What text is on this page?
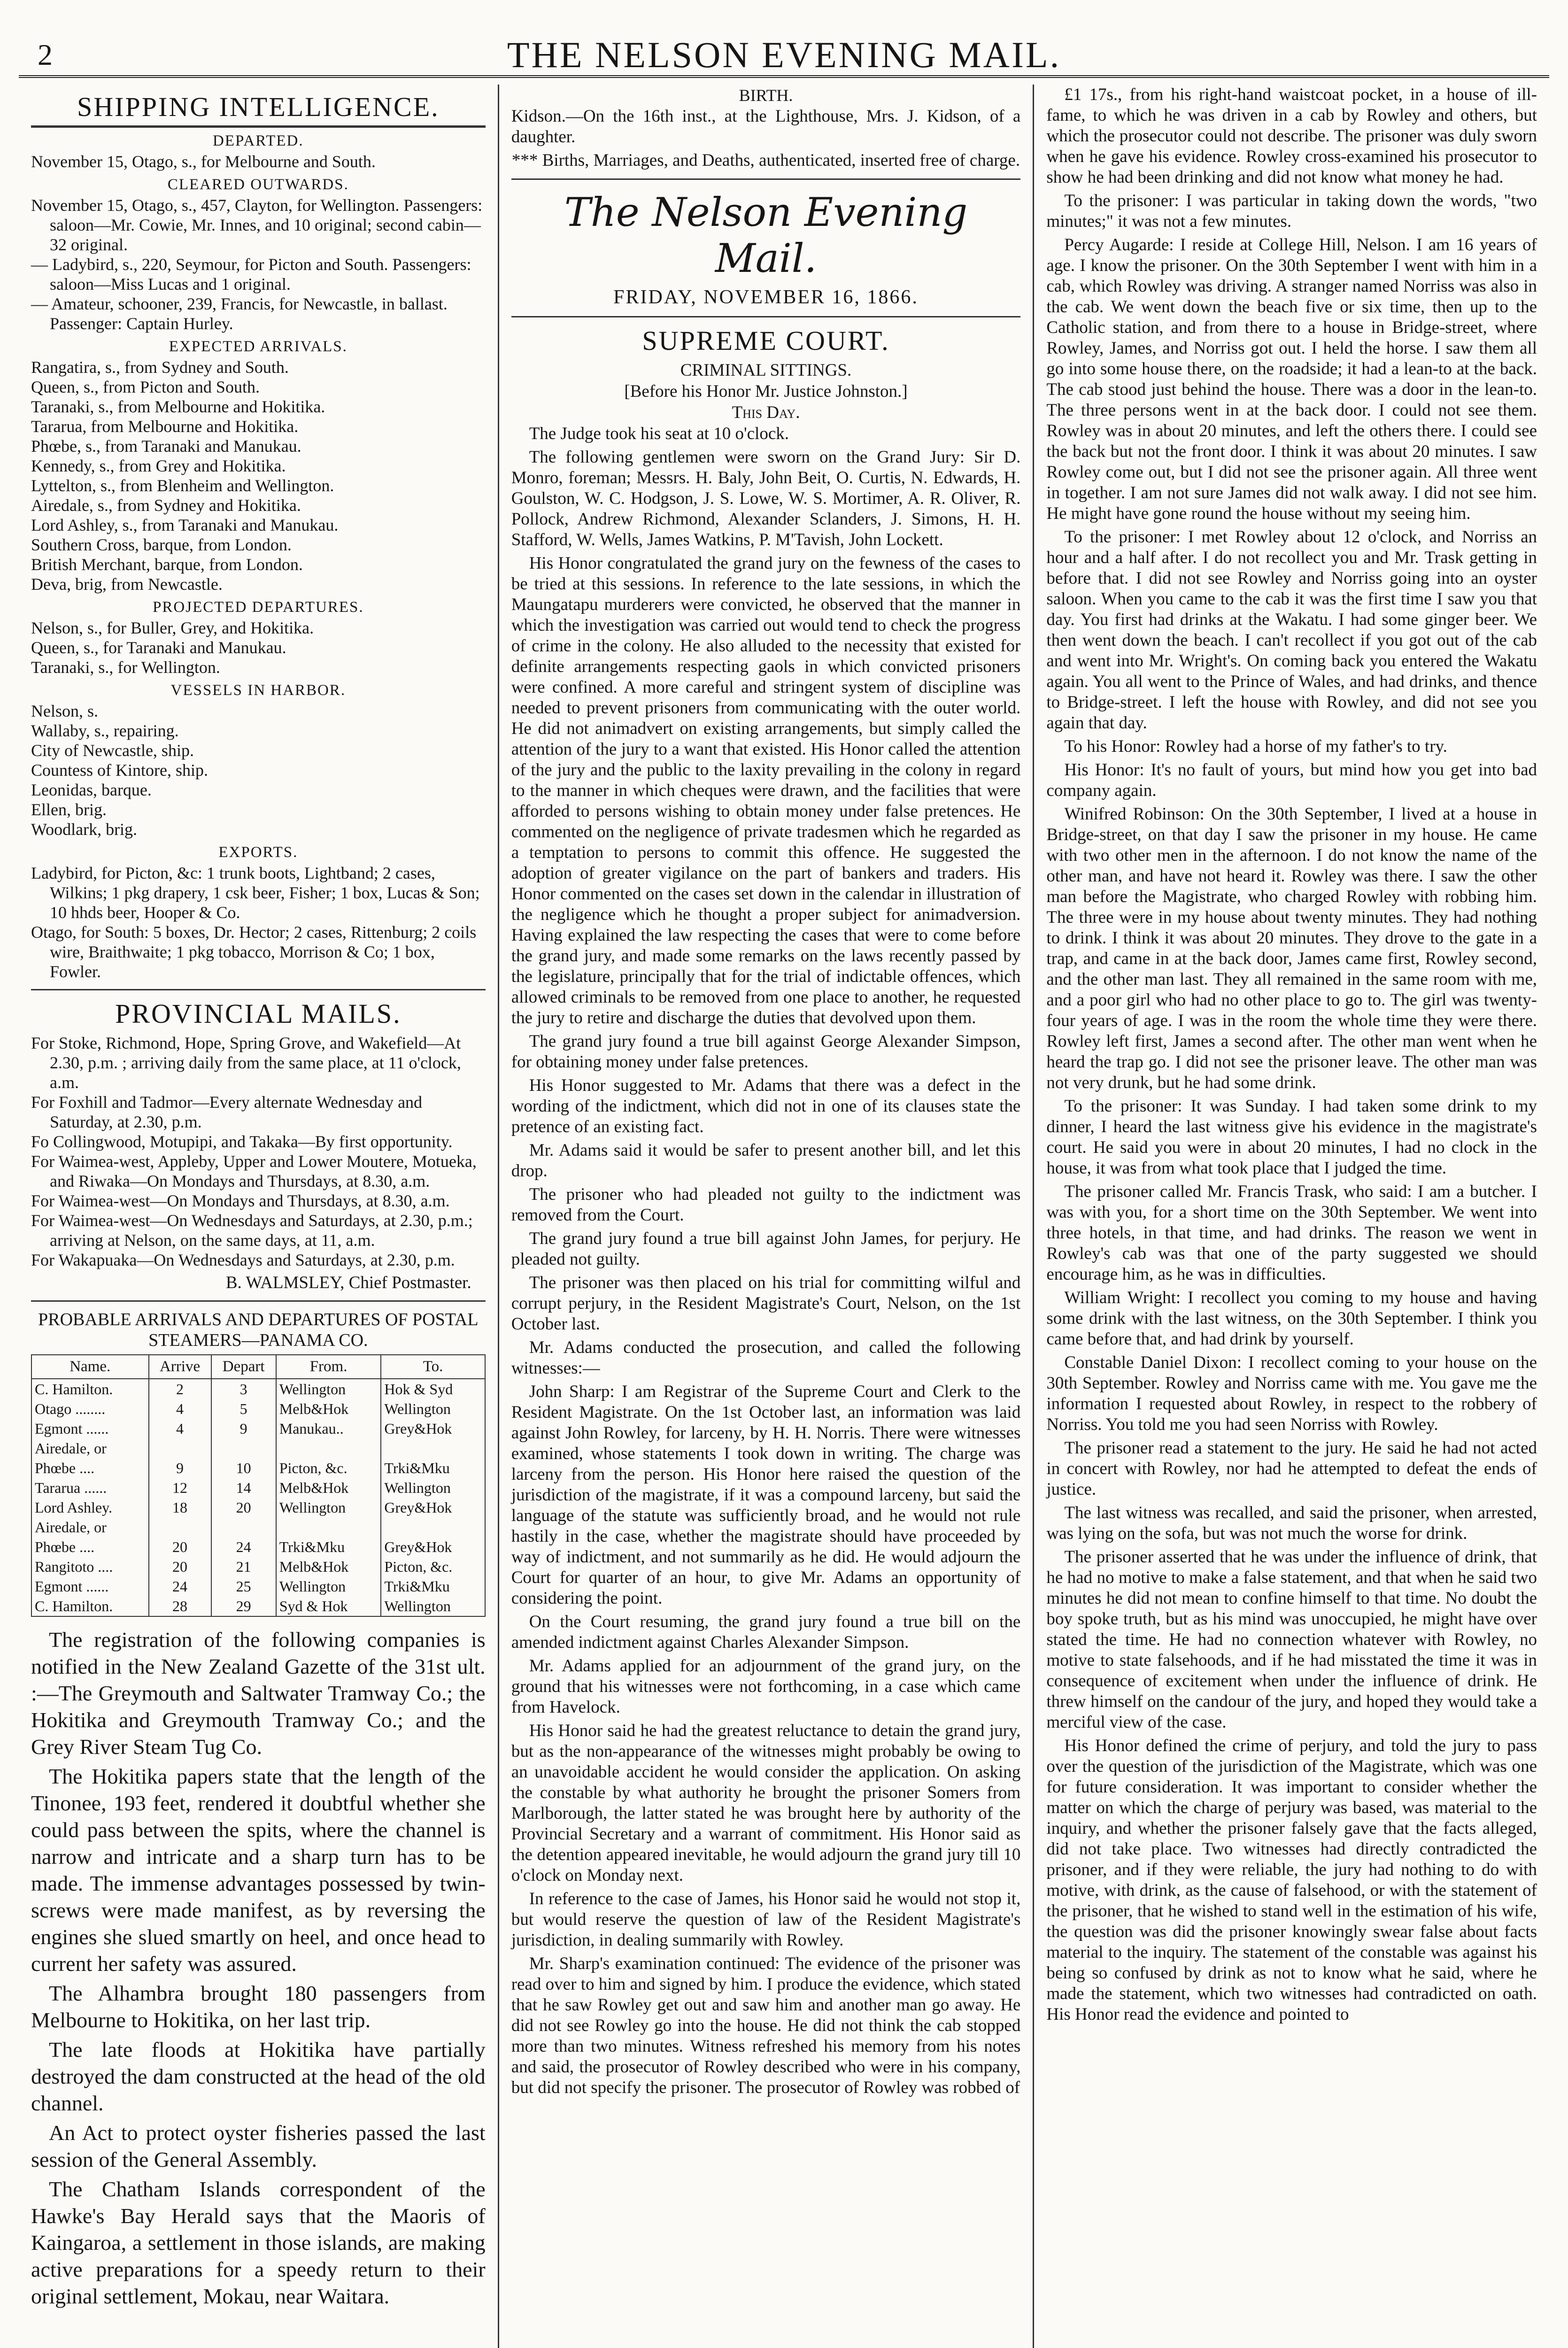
2	THE NELSON EVENING MAIL.
SHIPPING INTELLIGENCE.
DEPARTED.
November 15, Otago, s., for Melbourne and South.
CLEARED OUTWARDS.
November 15, Otago, s., 457, Clayton, for Wellington. Passengers: saloon—Mr. Cowie, Mr. Innes, and 10 original; second cabin—32 original.
— Ladybird, s., 220, Seymour, for Picton and South. Passengers: saloon—Miss Lucas and 1 original.
— Amateur, schooner, 239, Francis, for Newcastle, in ballast. Passenger: Captain Hurley.
EXPECTED ARRIVALS.
Rangatira, s., from Sydney and South.
Queen, s., from Picton and South.
Taranaki, s., from Melbourne and Hokitika.
Tararua, from Melbourne and Hokitika.
Phœbe, s., from Taranaki and Manukau.
Kennedy, s., from Grey and Hokitika.
Lyttelton, s., from Blenheim and Wellington.
Airedale, s., from Sydney and Hokitika.
Lord Ashley, s., from Taranaki and Manukau.
Southern Cross, barque, from London.
British Merchant, barque, from London.
Deva, brig, from Newcastle.
PROJECTED DEPARTURES.
Nelson, s., for Buller, Grey, and Hokitika.
Queen, s., for Taranaki and Manukau.
Taranaki, s., for Wellington.
VESSELS IN HARBOR.
Nelson, s.
Wallaby, s., repairing.
City of Newcastle, ship.
Countess of Kintore, ship.
Leonidas, barque.
Ellen, brig.
Woodlark, brig.
EXPORTS.
Ladybird, for Picton, &c: 1 trunk boots, Lightband; 2 cases, Wilkins; 1 pkg drapery, 1 csk beer, Fisher; 1 box, Lucas & Son; 10 hhds beer, Hooper & Co.
Otago, for South: 5 boxes, Dr. Hector; 2 cases, Rittenburg; 2 coils wire, Braithwaite; 1 pkg tobacco, Morrison & Co; 1 box, Fowler.
PROVINCIAL MAILS.
For Stoke, Richmond, Hope, Spring Grove, and Wakefield—At 2.30, p.m. ; arriving daily from the same place, at 11 o'clock, a.m.
For Foxhill and Tadmor—Every alternate Wednesday and Saturday, at 2.30, p.m.
Fo Collingwood, Motupipi, and Takaka—By first opportunity.
For Waimea-west, Appleby, Upper and Lower Moutere, Motueka, and Riwaka—On Mondays and Thursdays, at 8.30, a.m.
For Waimea-west—On Mondays and Thursdays, at 8.30, a.m.
For Waimea-west—On Wednesdays and Saturdays, at 2.30, p.m.; arriving at Nelson, on the same days, at 11, a.m.
For Wakapuaka—On Wednesdays and Saturdays, at 2.30, p.m.
B. WALMSLEY, Chief Postmaster.
PROBABLE ARRIVALS AND DEPARTURES OF POSTAL STEAMERS—PANAMA CO.
Name.	Arrive	Depart	From.	To.
C. Hamilton.	2	3	Wellington	Hok & Syd
Otago ........	4	5	Melb&Hok	Wellington
Egmont ......	4	9	Manukau..	Grey&Hok
Airedale, or				
Phœbe ....	9	10	Picton, &c.	Trki&Mku
Tararua ......	12	14	Melb&Hok	Wellington
Lord Ashley.	18	20	Wellington	Grey&Hok
Airedale, or				
Phœbe ....	20	24	Trki&Mku	Grey&Hok
Rangitoto ....	20	21	Melb&Hok	Picton, &c.
Egmont ......	24	25	Wellington	Trki&Mku
C. Hamilton.	28	29	Syd & Hok	Wellington

The registration of the following companies is notified in the New Zealand Gazette of the 31st ult. :—The Greymouth and Saltwater Tramway Co.; the Hokitika and Greymouth Tramway Co.; and the Grey River Steam Tug Co.

The Hokitika papers state that the length of the Tinonee, 193 feet, rendered it doubtful whether she could pass between the spits, where the channel is narrow and intricate and a sharp turn has to be made. The immense advantages possessed by twin-screws were made manifest, as by reversing the engines she slued smartly on heel, and once head to current her safety was assured.

The Alhambra brought 180 passengers from Melbourne to Hokitika, on her last trip.

The late floods at Hokitika have partially destroyed the dam constructed at the head of the old channel.

An Act to protect oyster fisheries passed the last session of the General Assembly.

The Chatham Islands correspondent of the Hawke's Bay Herald says that the Maoris of Kaingaroa, a settlement in those islands, are making active preparations for a speedy return to their original settlement, Mokau, near Waitara.

BIRTH.

Kidson.—On the 16th inst., at the Lighthouse, Mrs. J. Kidson, of a daughter.

*** Births, Marriages, and Deaths, authenticated, inserted free of charge.

The Nelson Evening Mail.
FRIDAY, NOVEMBER 16, 1866.
SUPREME COURT.
CRIMINAL SITTINGS.
[Before his Honor Mr. Justice Johnston.]
This Day.

The Judge took his seat at 10 o'clock.

The following gentlemen were sworn on the Grand Jury: Sir D. Monro, foreman; Messrs. H. Baly, John Beit, O. Curtis, N. Edwards, H. Goulston, W. C. Hodgson, J. S. Lowe, W. S. Mortimer, A. R. Oliver, R. Pollock, Andrew Richmond, Alexander Sclanders, J. Simons, H. H. Stafford, W. Wells, James Watkins, P. M'Tavish, John Lockett.

His Honor congratulated the grand jury on the fewness of the cases to be tried at this sessions. In reference to the late sessions, in which the Maungatapu murderers were convicted, he observed that the manner in which the investigation was carried out would tend to check the progress of crime in the colony. He also alluded to the necessity that existed for definite arrangements respecting gaols in which convicted prisoners were confined. A more careful and stringent system of discipline was needed to prevent prisoners from communicating with the outer world. He did not animadvert on existing arrangements, but simply called the attention of the jury to a want that existed. His Honor called the attention of the jury and the public to the laxity prevailing in the colony in regard to the manner in which cheques were drawn, and the facilities that were afforded to persons wishing to obtain money under false pretences. He commented on the negligence of private tradesmen which he regarded as a temptation to persons to commit this offence. He suggested the adoption of greater vigilance on the part of bankers and traders. His Honor commented on the cases set down in the calendar in illustration of the negligence which he thought a proper subject for animadversion. Having explained the law respecting the cases that were to come before the grand jury, and made some remarks on the laws recently passed by the legislature, principally that for the trial of indictable offences, which allowed criminals to be removed from one place to another, he requested the jury to retire and discharge the duties that devolved upon them.

The grand jury found a true bill against George Alexander Simpson, for obtaining money under false pretences.

His Honor suggested to Mr. Adams that there was a defect in the wording of the indictment, which did not in one of its clauses state the pretence of an existing fact.

Mr. Adams said it would be safer to present another bill, and let this drop.

The prisoner who had pleaded not guilty to the indictment was removed from the Court.

The grand jury found a true bill against John James, for perjury. He pleaded not guilty.

The prisoner was then placed on his trial for committing wilful and corrupt perjury, in the Resident Magistrate's Court, Nelson, on the 1st October last.

Mr. Adams conducted the prosecution, and called the following witnesses:—

John Sharp: I am Registrar of the Supreme Court and Clerk to the Resident Magistrate. On the 1st October last, an information was laid against John Rowley, for larceny, by H. H. Norris. There were witnesses examined, whose statements I took down in writing. The charge was larceny from the person. His Honor here raised the question of the jurisdiction of the magistrate, if it was a compound larceny, but said the language of the statute was sufficiently broad, and he would not rule hastily in the case, whether the magistrate should have proceeded by way of indictment, and not summarily as he did. He would adjourn the Court for quarter of an hour, to give Mr. Adams an opportunity of considering the point.

On the Court resuming, the grand jury found a true bill on the amended indictment against Charles Alexander Simpson.

Mr. Adams applied for an adjournment of the grand jury, on the ground that his witnesses were not forthcoming, in a case which came from Havelock.

His Honor said he had the greatest reluctance to detain the grand jury, but as the non-appearance of the witnesses might probably be owing to an unavoidable accident he would consider the application. On asking the constable by what authority he brought the prisoner Somers from Marlborough, the latter stated he was brought here by authority of the Provincial Secretary and a warrant of commitment. His Honor said as the detention appeared inevitable, he would adjourn the grand jury till 10 o'clock on Monday next.

In reference to the case of James, his Honor said he would not stop it, but would reserve the question of law of the Resident Magistrate's jurisdiction, in dealing summarily with Rowley.

Mr. Sharp's examination continued: The evidence of the prisoner was read over to him and signed by him. I produce the evidence, which stated that he saw Rowley get out and saw him and another man go away. He did not see Rowley go into the house. He did not think the cab stopped more than two minutes. Witness refreshed his memory from his notes and said, the prosecutor of Rowley described who were in his company, but did not specify the prisoner. The prosecutor of Rowley was robbed of

£1 17s., from his right-hand waistcoat pocket, in a house of ill-fame, to which he was driven in a cab by Rowley and others, but which the prosecutor could not describe. The prisoner was duly sworn when he gave his evidence. Rowley cross-examined his prosecutor to show he had been drinking and did not know what money he had.

To the prisoner: I was particular in taking down the words, "two minutes;" it was not a few minutes.

Percy Augarde: I reside at College Hill, Nelson. I am 16 years of age. I know the prisoner. On the 30th September I went with him in a cab, which Rowley was driving. A stranger named Norriss was also in the cab. We went down the beach five or six time, then up to the Catholic station, and from there to a house in Bridge-street, where Rowley, James, and Norriss got out. I held the horse. I saw them all go into some house there, on the roadside; it had a lean-to at the back. The cab stood just behind the house. There was a door in the lean-to. The three persons went in at the back door. I could not see them. Rowley was in about 20 minutes, and left the others there. I could see the back but not the front door. I think it was about 20 minutes. I saw Rowley come out, but I did not see the prisoner again. All three went in together. I am not sure James did not walk away. I did not see him. He might have gone round the house without my seeing him.

To the prisoner: I met Rowley about 12 o'clock, and Norriss an hour and a half after. I do not recollect you and Mr. Trask getting in before that. I did not see Rowley and Norriss going into an oyster saloon. When you came to the cab it was the first time I saw you that day. You first had drinks at the Wakatu. I had some ginger beer. We then went down the beach. I can't recollect if you got out of the cab and went into Mr. Wright's. On coming back you entered the Wakatu again. You all went to the Prince of Wales, and had drinks, and thence to Bridge-street. I left the house with Rowley, and did not see you again that day.

To his Honor: Rowley had a horse of my father's to try.

His Honor: It's no fault of yours, but mind how you get into bad company again.

Winifred Robinson: On the 30th September, I lived at a house in Bridge-street, on that day I saw the prisoner in my house. He came with two other men in the afternoon. I do not know the name of the other man, and have not heard it. Rowley was there. I saw the other man before the Magistrate, who charged Rowley with robbing him. The three were in my house about twenty minutes. They had nothing to drink. I think it was about 20 minutes. They drove to the gate in a trap, and came in at the back door, James came first, Rowley second, and the other man last. They all remained in the same room with me, and a poor girl who had no other place to go to. The girl was twenty-four years of age. I was in the room the whole time they were there. Rowley left first, James a second after. The other man went when he heard the trap go. I did not see the prisoner leave. The other man was not very drunk, but he had some drink.

To the prisoner: It was Sunday. I had taken some drink to my dinner, I heard the last witness give his evidence in the magistrate's court. He said you were in about 20 minutes, I had no clock in the house, it was from what took place that I judged the time.

The prisoner called Mr. Francis Trask, who said: I am a butcher. I was with you, for a short time on the 30th September. We went into three hotels, in that time, and had drinks. The reason we went in Rowley's cab was that one of the party suggested we should encourage him, as he was in difficulties.

William Wright: I recollect you coming to my house and having some drink with the last witness, on the 30th September. I think you came before that, and had drink by yourself.

Constable Daniel Dixon: I recollect coming to your house on the 30th September. Rowley and Norriss came with me. You gave me the information I requested about Rowley, in respect to the robbery of Norriss. You told me you had seen Norriss with Rowley.

The prisoner read a statement to the jury. He said he had not acted in concert with Rowley, nor had he attempted to defeat the ends of justice.

The last witness was recalled, and said the prisoner, when arrested, was lying on the sofa, but was not much the worse for drink.

The prisoner asserted that he was under the influence of drink, that he had no motive to make a false statement, and that when he said two minutes he did not mean to confine himself to that time. No doubt the boy spoke truth, but as his mind was unoccupied, he might have over stated the time. He had no connection whatever with Rowley, no motive to state falsehoods, and if he had misstated the time it was in consequence of excitement when under the influence of drink. He threw himself on the candour of the jury, and hoped they would take a merciful view of the case.

His Honor defined the crime of perjury, and told the jury to pass over the question of the jurisdiction of the Magistrate, which was one for future consideration. It was important to consider whether the matter on which the charge of perjury was based, was material to the inquiry, and whether the prisoner falsely gave that the facts alleged, did not take place. Two witnesses had directly contradicted the prisoner, and if they were reliable, the jury had nothing to do with motive, with drink, as the cause of falsehood, or with the statement of the prisoner, that he wished to stand well in the estimation of his wife, the question was did the prisoner knowingly swear false about facts material to the inquiry. The statement of the constable was against his being so confused by drink as not to know what he said, where he made the statement, which two witnesses had contradicted on oath. His Honor read the evidence and pointed to
